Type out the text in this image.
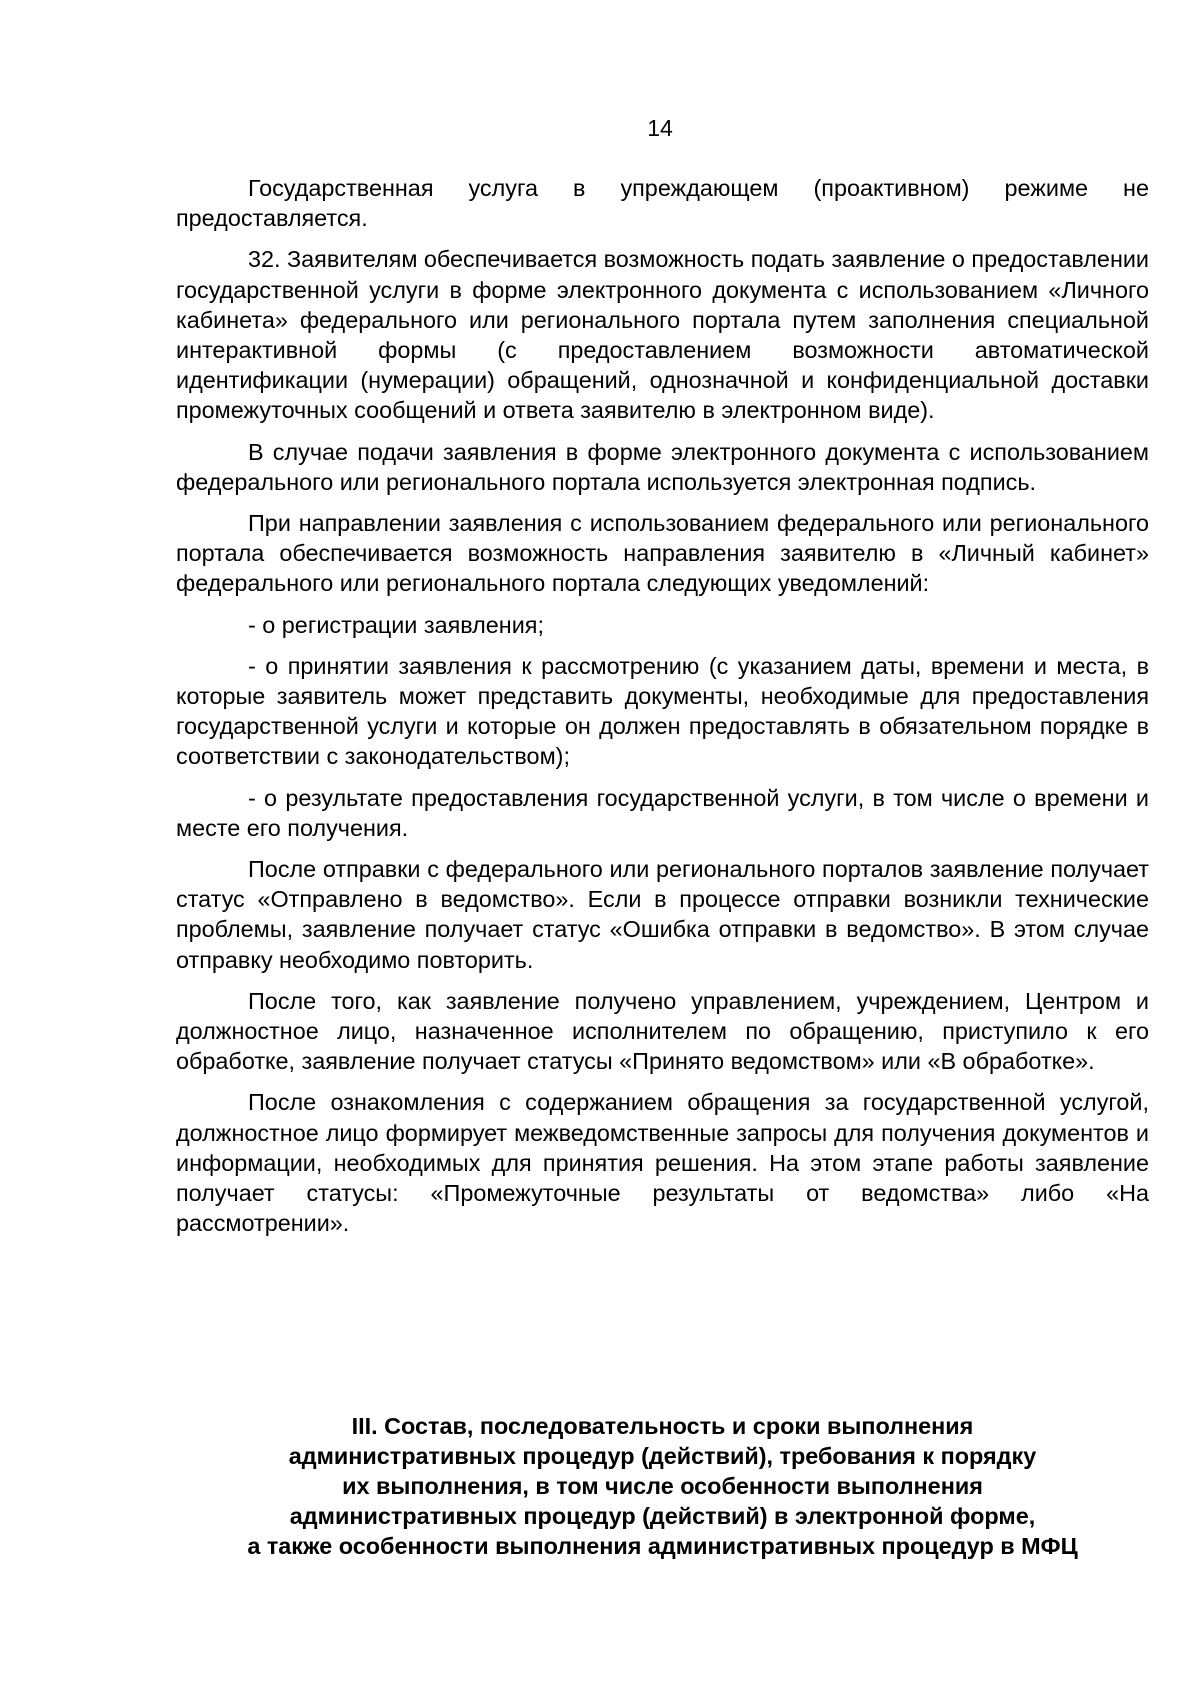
14

Государственная услуга в упреждающем (проактивном) режиме не предоставляется.

32. Заявителям обеспечивается возможность подать заявление о предоставлении государственной услуги в форме электронного документа с использованием «Личного кабинета» федерального или регионального портала путем заполнения специальной интерактивной формы (с предоставлением возможности автоматической идентификации (нумерации) обращений, однозначной и конфиденциальной доставки промежуточных сообщений и ответа заявителю в электронном виде).

В случае подачи заявления в форме электронного документа с использованием федерального или регионального портала используется электронная подпись.

При направлении заявления с использованием федерального или регионального портала обеспечивается возможность направления заявителю в «Личный кабинет» федерального или регионального портала следующих уведомлений:

- о регистрации заявления;

- о принятии заявления к рассмотрению (с указанием даты, времени и места, в которые заявитель может представить документы, необходимые для предоставления государственной услуги и которые он должен предоставлять в обязательном порядке в соответствии с законодательством);

- о результате предоставления государственной услуги, в том числе о времени и месте его получения.

После отправки с федерального или регионального порталов заявление получает статус «Отправлено в ведомство». Если в процессе отправки возникли технические проблемы, заявление получает статус «Ошибка отправки в ведомство». В этом случае отправку необходимо повторить.

После того, как заявление получено управлением, учреждением, Центром и должностное лицо, назначенное исполнителем по обращению, приступило к его обработке, заявление получает статусы «Принято ведомством» или «В обработке».

После ознакомления с содержанием обращения за государственной услугой, должностное лицо формирует межведомственные запросы для получения документов и информации, необходимых для принятия решения. На этом этапе работы заявление получает статусы: «Промежуточные результаты от ведомства» либо «На рассмотрении».

III. Состав, последовательность и сроки выполнения
административных процедур (действий), требования к порядку
их выполнения, в том числе особенности выполнения
административных процедур (действий) в электронной форме,
а также особенности выполнения административных процедур в МФЦ
